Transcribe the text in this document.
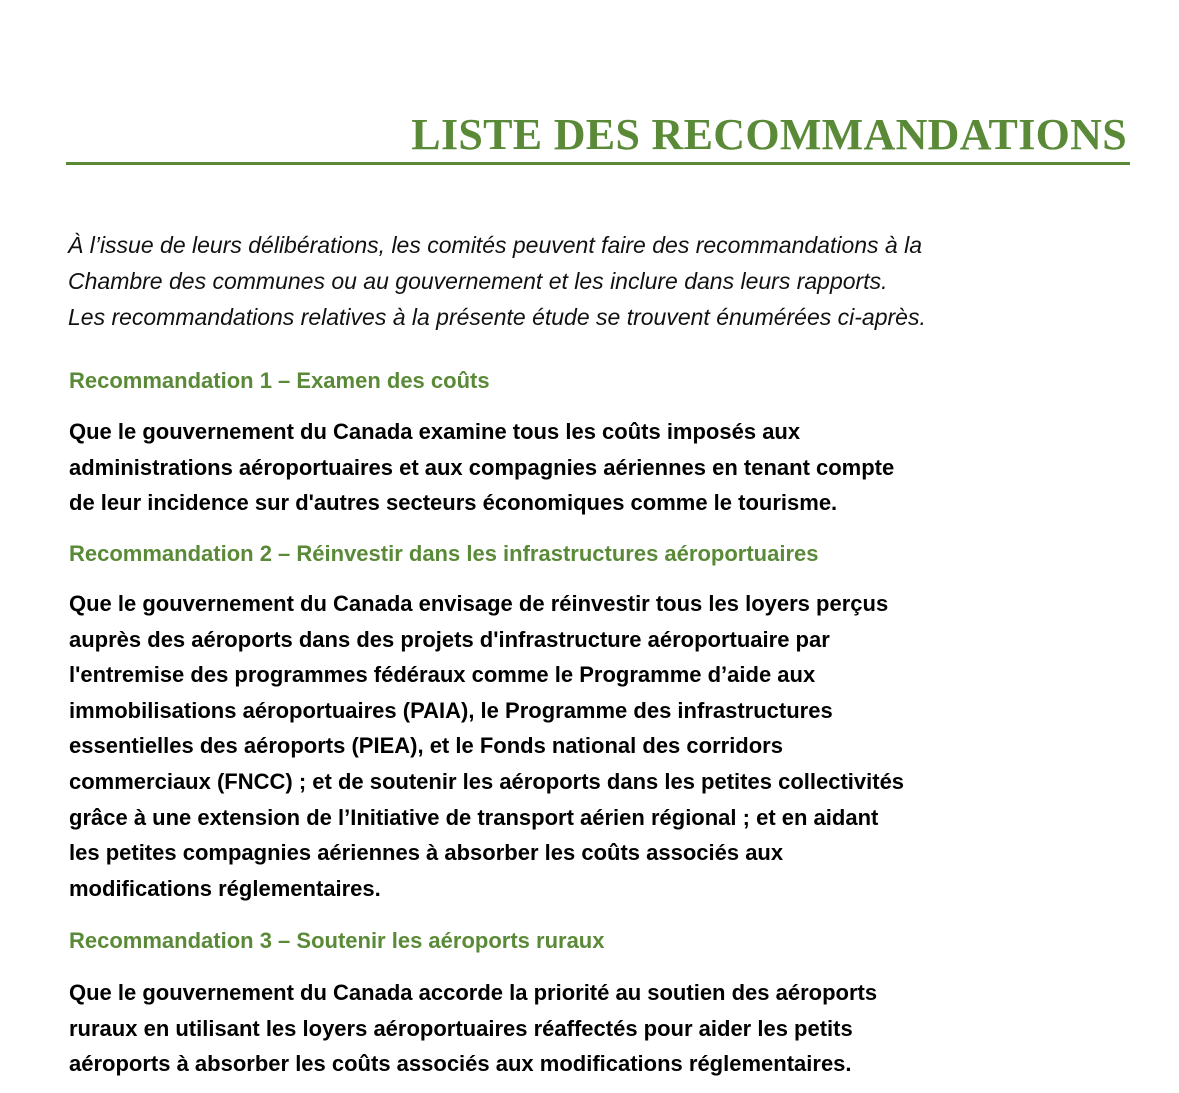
LISTE DES RECOMMANDATIONS

À l’issue de leurs délibérations, les comités peuvent faire des recommandations à la
Chambre des communes ou au gouvernement et les inclure dans leurs rapports.
Les recommandations relatives à la présente étude se trouvent énumérées ci-après.

Recommandation 1 – Examen des coûts

Que le gouvernement du Canada examine tous les coûts imposés aux
administrations aéroportuaires et aux compagnies aériennes en tenant compte
de leur incidence sur d'autres secteurs économiques comme le tourisme.

Recommandation 2 – Réinvestir dans les infrastructures aéroportuaires

Que le gouvernement du Canada envisage de réinvestir tous les loyers perçus
auprès des aéroports dans des projets d'infrastructure aéroportuaire par
l'entremise des programmes fédéraux comme le Programme d’aide aux
immobilisations aéroportuaires (PAIA), le Programme des infrastructures
essentielles des aéroports (PIEA), et le Fonds national des corridors
commerciaux (FNCC) ; et de soutenir les aéroports dans les petites collectivités
grâce à une extension de l’Initiative de transport aérien régional ; et en aidant
les petites compagnies aériennes à absorber les coûts associés aux
modifications réglementaires.

Recommandation 3 – Soutenir les aéroports ruraux

Que le gouvernement du Canada accorde la priorité au soutien des aéroports
ruraux en utilisant les loyers aéroportuaires réaffectés pour aider les petits
aéroports à absorber les coûts associés aux modifications réglementaires.
